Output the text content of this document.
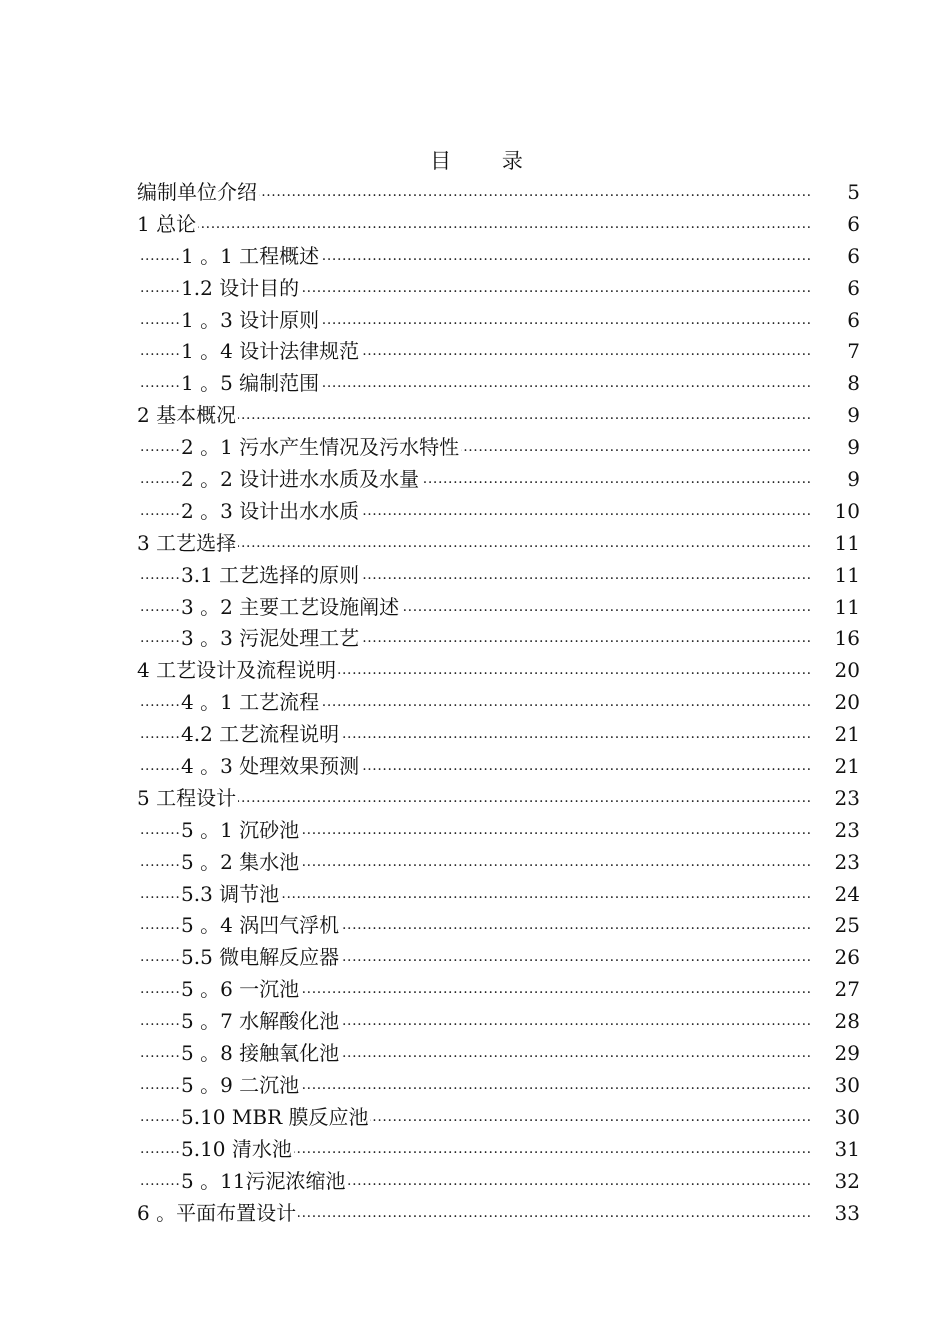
目 录
编制单位介绍 .....	5
1 总论 .....	6
1 。1 工程概述 .....	6
1.2 设计目的 .....	6
1 。3 设计原则 .....	6
1 。4 设计法律规范 .....	7
1 。5 编制范围 .....	8
2 基本概况 .....	9
2 。1 污水产生情况及污水特性 .....	9
2 。2 设计进水水质及水量 .....	9
2 。3 设计出水水质 .....	10
3 工艺选择 .....	11
3.1 工艺选择的原则 .....	11
3 。2 主要工艺设施阐述 .....	11
3 。3 污泥处理工艺 .....	16
4 工艺设计及流程说明 .....	20
4 。1 工艺流程 .....	20
4.2 工艺流程说明 .....	21
4 。3 处理效果预测 .....	21
5 工程设计 .....	23
5 。1 沉砂池 .....	23
5 。2 集水池 .....	23
5.3 调节池 .....	24
5 。4 涡凹气浮机 .....	25
5.5 微电解反应器 .....	26
5 。6 一沉池 .....	27
5 。7 水解酸化池 .....	28
5 。8 接触氧化池 .....	29
5 。9 二沉池 .....	30
5.10 MBR 膜反应池 .....	30
5.10 清水池 .....	31
5 。11污泥浓缩池 .....	32
6 。平面布置设计 .....	33
